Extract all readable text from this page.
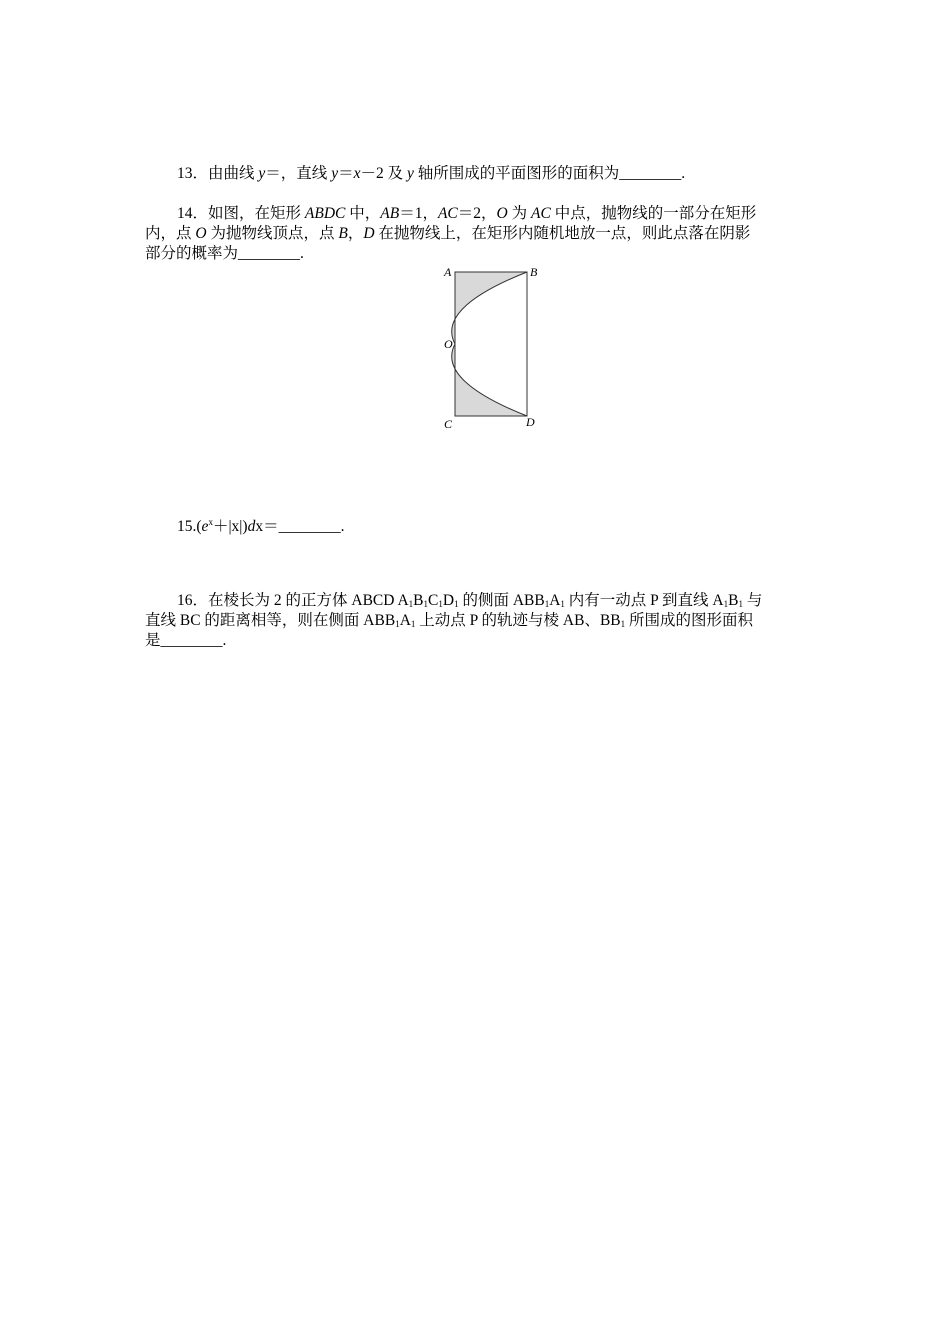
13．由曲线 y＝，直线 y＝x－2 及 y 轴所围成的平面图形的面积为________.
14．如图，在矩形 ABDC 中，AB＝1，AC＝2，O 为 AC 中点，抛物线的一部分在矩形
内，点 O 为抛物线顶点，点 B，D 在抛物线上，在矩形内随机地放一点，则此点落在阴影
部分的概率为________.
A	B
O
C	D
$15.(e^x+|x|)dx=\_\_\_\_\_\_\_\_$.
16．在棱长为 2 的正方体 ABCD $A_1B_1C_1D_1$ 的侧面 $ABB_1A_1$ 内有一动点 P 到直线 $A_1B_1$ 与
直线 BC 的距离相等，则在侧面 $ABB_1A_1$ 上动点 P 的轨迹与棱 AB、$BB_1$ 所围成的图形面积
是________.
